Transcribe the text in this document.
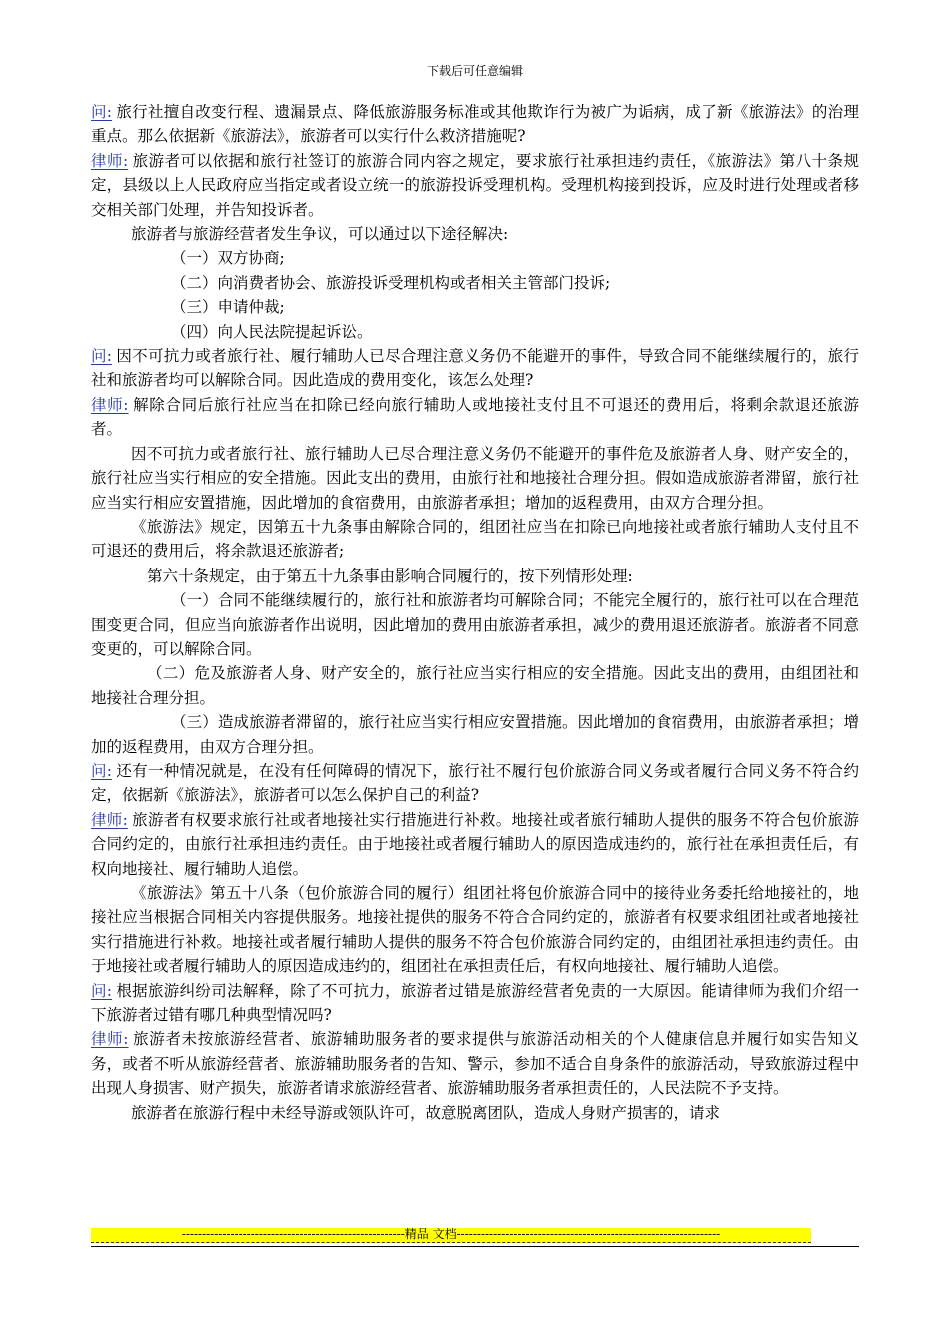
下载后可任意编辑

问: 旅行社擅自改变行程、遗漏景点、降低旅游服务标准或其他欺诈行为被广为诟病，成了新《旅游法》的治理重点。那么依据新《旅游法》，旅游者可以实行什么救济措施呢?

律师: 旅游者可以依据和旅行社签订的旅游合同内容之规定，要求旅行社承担违约责任，《旅游法》第八十条规定，县级以上人民政府应当指定或者设立统一的旅游投诉受理机构。受理机构接到投诉，应及时进行处理或者移交相关部门处理，并告知投诉者。

旅游者与旅游经营者发生争议，可以通过以下途径解决:

（一）双方协商;

（二）向消费者协会、旅游投诉受理机构或者相关主管部门投诉;

（三）申请仲裁;

（四）向人民法院提起诉讼。

问: 因不可抗力或者旅行社、履行辅助人已尽合理注意义务仍不能避开的事件，导致合同不能继续履行的，旅行社和旅游者均可以解除合同。因此造成的费用变化，该怎么处理?

律师: 解除合同后旅行社应当在扣除已经向旅行辅助人或地接社支付且不可退还的费用后，将剩余款退还旅游者。

因不可抗力或者旅行社、旅行辅助人已尽合理注意义务仍不能避开的事件危及旅游者人身、财产安全的，旅行社应当实行相应的安全措施。因此支出的费用，由旅行社和地接社合理分担。假如造成旅游者滞留，旅行社应当实行相应安置措施，因此增加的食宿费用，由旅游者承担；增加的返程费用，由双方合理分担。

《旅游法》规定，因第五十九条事由解除合同的，组团社应当在扣除已向地接社或者旅行辅助人支付且不可退还的费用后，将余款退还旅游者;

第六十条规定，由于第五十九条事由影响合同履行的，按下列情形处理:

（一）合同不能继续履行的，旅行社和旅游者均可解除合同；不能完全履行的，旅行社可以在合理范围变更合同，但应当向旅游者作出说明，因此增加的费用由旅游者承担，减少的费用退还旅游者。旅游者不同意变更的，可以解除合同。

（二）危及旅游者人身、财产安全的，旅行社应当实行相应的安全措施。因此支出的费用，由组团社和地接社合理分担。

（三）造成旅游者滞留的，旅行社应当实行相应安置措施。因此增加的食宿费用，由旅游者承担；增加的返程费用，由双方合理分担。

问: 还有一种情况就是，在没有任何障碍的情况下，旅行社不履行包价旅游合同义务或者履行合同义务不符合约定，依据新《旅游法》，旅游者可以怎么保护自己的利益?

律师: 旅游者有权要求旅行社或者地接社实行措施进行补救。地接社或者旅行辅助人提供的服务不符合包价旅游合同约定的，由旅行社承担违约责任。由于地接社或者履行辅助人的原因造成违约的，旅行社在承担责任后，有权向地接社、履行辅助人追偿。

《旅游法》第五十八条（包价旅游合同的履行）组团社将包价旅游合同中的接待业务委托给地接社的，地接社应当根据合同相关内容提供服务。地接社提供的服务不符合合同约定的，旅游者有权要求组团社或者地接社实行措施进行补救。地接社或者履行辅助人提供的服务不符合包价旅游合同约定的，由组团社承担违约责任。由于地接社或者履行辅助人的原因造成违约的，组团社在承担责任后，有权向地接社、履行辅助人追偿。

问: 根据旅游纠纷司法解释，除了不可抗力，旅游者过错是旅游经营者免责的一大原因。能请律师为我们介绍一下旅游者过错有哪几种典型情况吗?

律师: 旅游者未按旅游经营者、旅游辅助服务者的要求提供与旅游活动相关的个人健康信息并履行如实告知义务，或者不听从旅游经营者、旅游辅助服务者的告知、警示，参加不适合自身条件的旅游活动，导致旅游过程中出现人身损害、财产损失，旅游者请求旅游经营者、旅游辅助服务者承担责任的，人民法院不予支持。

旅游者在旅游行程中未经导游或领队许可，故意脱离团队，造成人身财产损害的，请求

-------------------------------------------------------精品 文档-----------------------------------------------------------------
